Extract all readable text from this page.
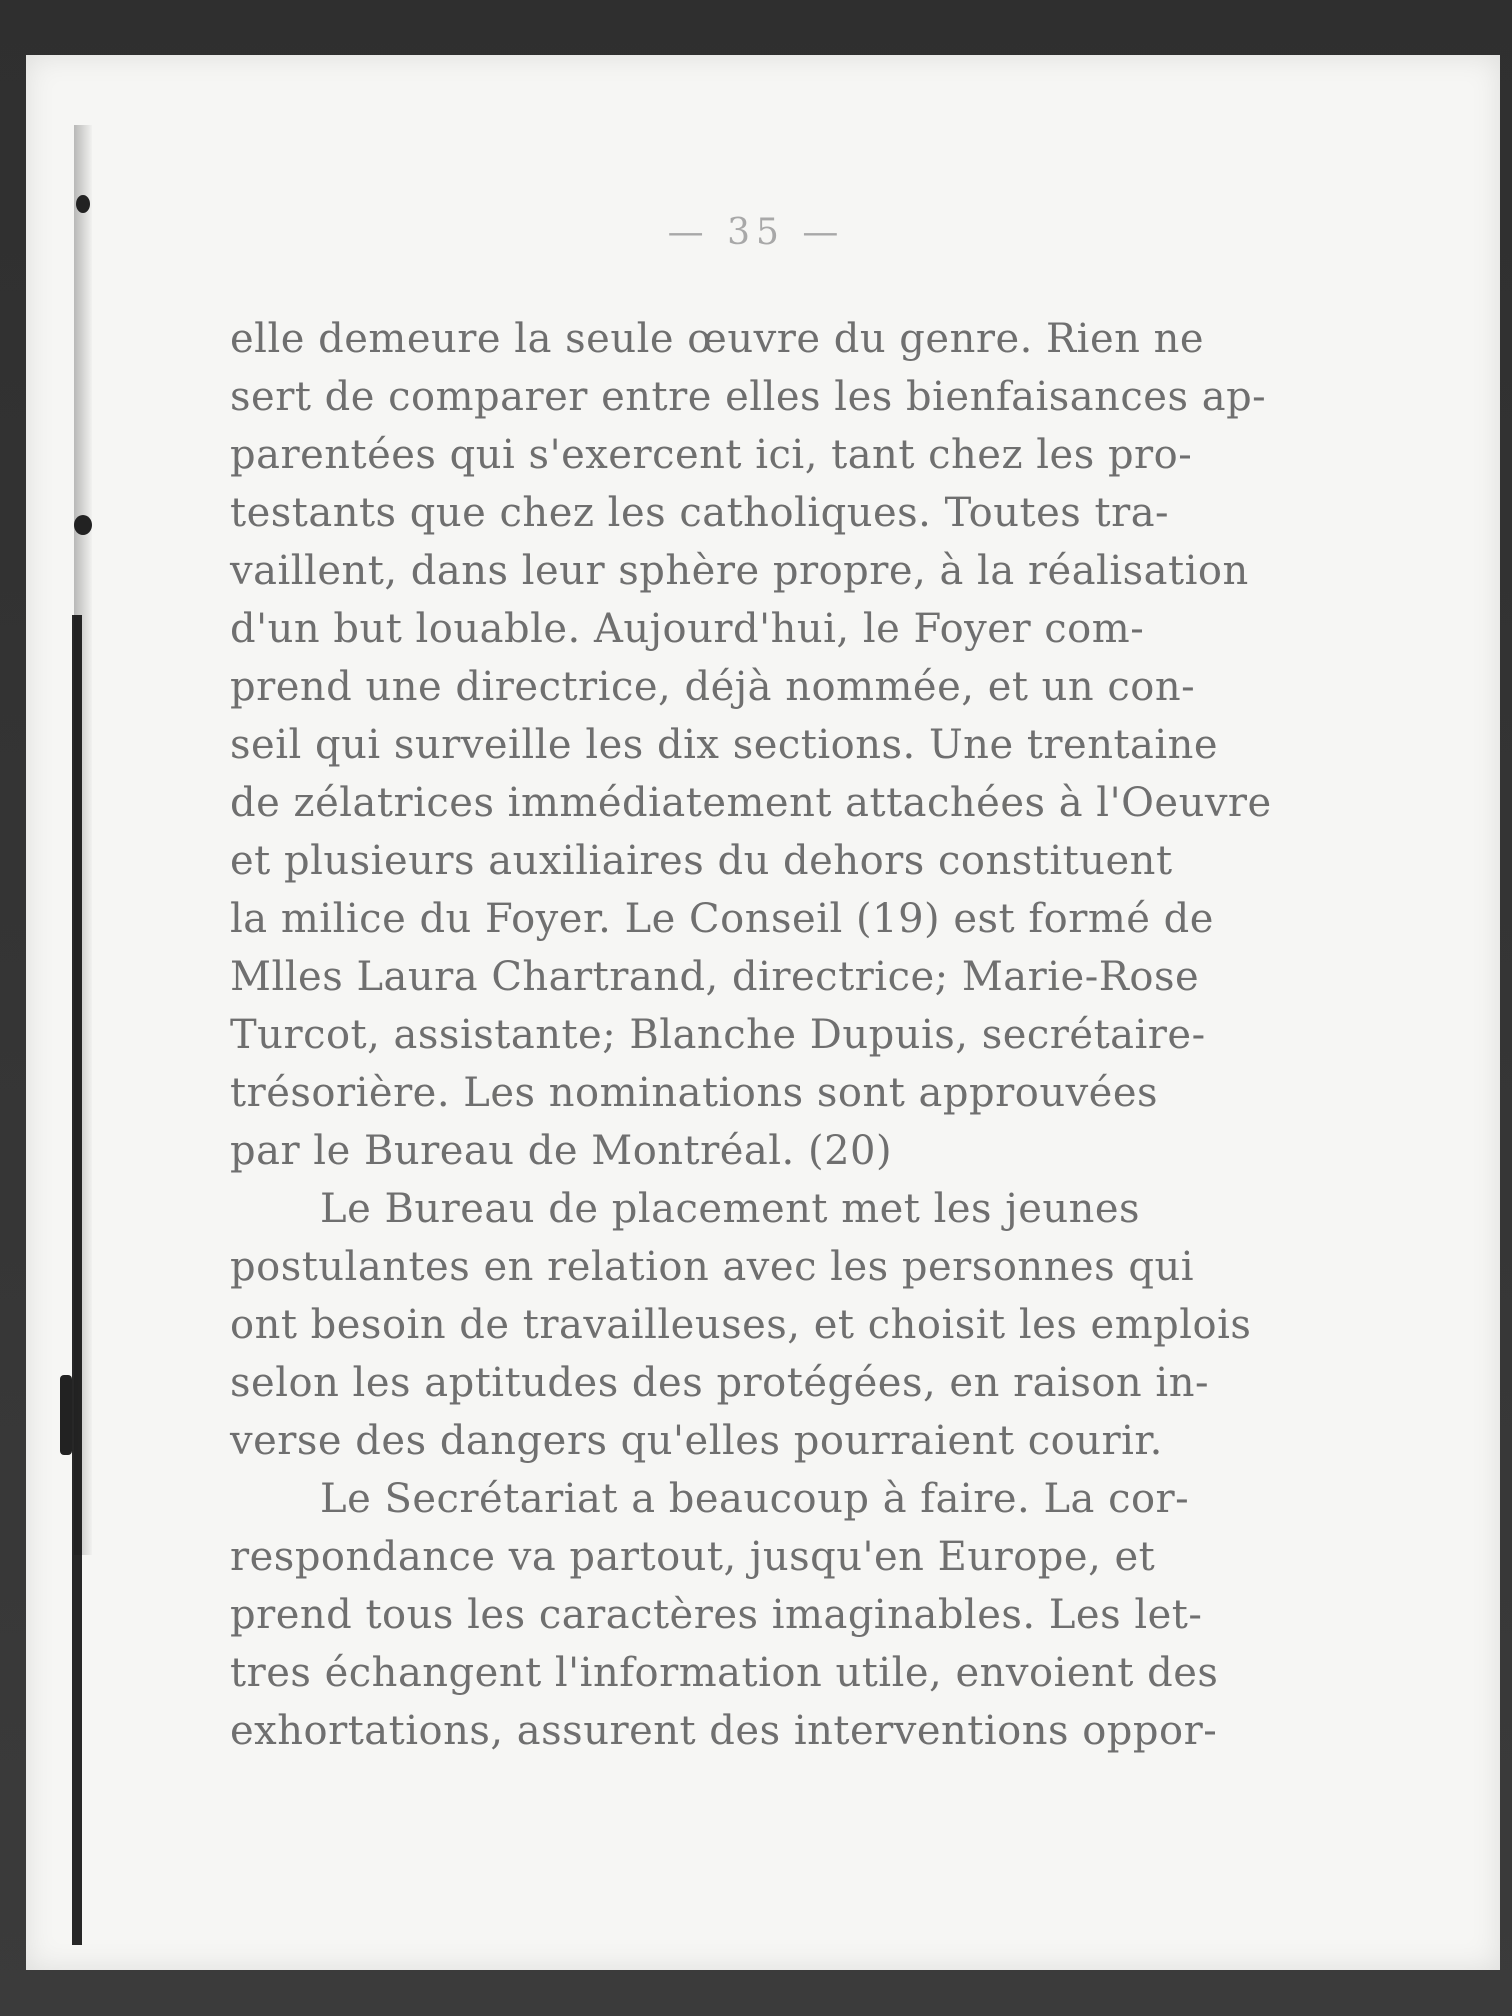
— 35 —
elle demeure la seule œuvre du genre. Rien ne
sert de comparer entre elles les bienfaisances ap-
parentées qui s'exercent ici, tant chez les pro-
testants que chez les catholiques. Toutes tra-
vaillent, dans leur sphère propre, à la réalisation
d'un but louable. Aujourd'hui, le Foyer com-
prend une directrice, déjà nommée, et un con-
seil qui surveille les dix sections. Une trentaine
de zélatrices immédiatement attachées à l'Oeuvre
et plusieurs auxiliaires du dehors constituent
la milice du Foyer. Le Conseil (19) est formé de
Mlles Laura Chartrand, directrice; Marie-Rose
Turcot, assistante; Blanche Dupuis, secrétaire-
trésorière. Les nominations sont approuvées
par le Bureau de Montréal. (20)
Le Bureau de placement met les jeunes
postulantes en relation avec les personnes qui
ont besoin de travailleuses, et choisit les emplois
selon les aptitudes des protégées, en raison in-
verse des dangers qu'elles pourraient courir.
Le Secrétariat a beaucoup à faire. La cor-
respondance va partout, jusqu'en Europe, et
prend tous les caractères imaginables. Les let-
tres échangent l'information utile, envoient des
exhortations, assurent des interventions oppor-
